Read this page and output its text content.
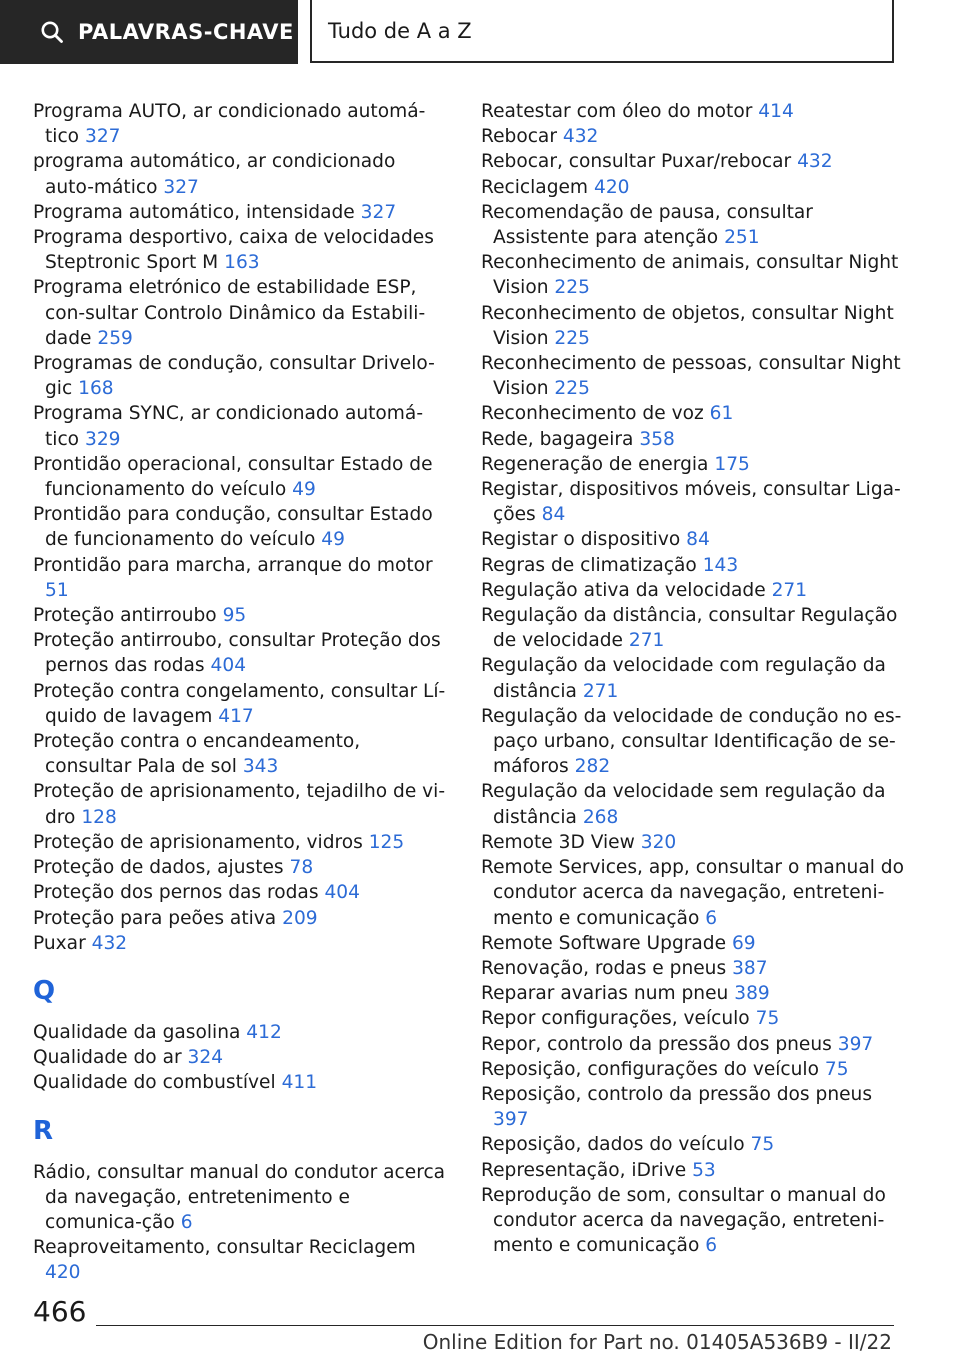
PALAVRAS-CHAVE Tudo de A a Z
Programa AUTO, ar condicionado automá-tico 327
programa automático, ar condicionado auto-mático 327
Programa automático, intensidade 327
Programa desportivo, caixa de velocidades Steptronic Sport M 163
Programa eletrónico de estabilidade ESP, con-sultar Controlo Dinâmico da Estabili-dade 259
Programas de condução, consultar Drivelo-gic 168
Programa SYNC, ar condicionado automá-tico 329
Prontidão operacional, consultar Estado de funcionamento do veículo 49
Prontidão para condução, consultar Estado de funcionamento do veículo 49
Prontidão para marcha, arranque do motor 51
Proteção antirroubo 95
Proteção antirroubo, consultar Proteção dos pernos das rodas 404
Proteção contra congelamento, consultar Lí-quido de lavagem 417
Proteção contra o encandeamento, consultar Pala de sol 343
Proteção de aprisionamento, tejadilho de vi-dro 128
Proteção de aprisionamento, vidros 125
Proteção de dados, ajustes 78
Proteção dos pernos das rodas 404
Proteção para peões ativa 209
Puxar 432
Q
Qualidade da gasolina 412
Qualidade do ar 324
Qualidade do combustível 411
R
Rádio, consultar manual do condutor acerca da navegação, entretenimento e comunica-ção 6
Reaproveitamento, consultar Reciclagem 420
Reatestar com óleo do motor 414
Rebocar 432
Rebocar, consultar Puxar/rebocar 432
Reciclagem 420
Recomendação de pausa, consultar Assistente para atenção 251
Reconhecimento de animais, consultar Night Vision 225
Reconhecimento de objetos, consultar Night Vision 225
Reconhecimento de pessoas, consultar Night Vision 225
Reconhecimento de voz 61
Rede, bagageira 358
Regeneração de energia 175
Registar, dispositivos móveis, consultar Liga-ções 84
Registar o dispositivo 84
Regras de climatização 143
Regulação ativa da velocidade 271
Regulação da distância, consultar Regulação de velocidade 271
Regulação da velocidade com regulação da distância 271
Regulação da velocidade de condução no es-paço urbano, consultar Identificação de se-máforos 282
Regulação da velocidade sem regulação da distância 268
Remote 3D View 320
Remote Services, app, consultar o manual do condutor acerca da navegação, entreteni-mento e comunicação 6
Remote Software Upgrade 69
Renovação, rodas e pneus 387
Reparar avarias num pneu 389
Repor configurações, veículo 75
Repor, controlo da pressão dos pneus 397
Reposição, configurações do veículo 75
Reposição, controlo da pressão dos pneus 397
Reposição, dados do veículo 75
Representação, iDrive 53
Reprodução de som, consultar o manual do condutor acerca da navegação, entreteni-mento e comunicação 6
466
Online Edition for Part no. 01405A536B9 - II/22
